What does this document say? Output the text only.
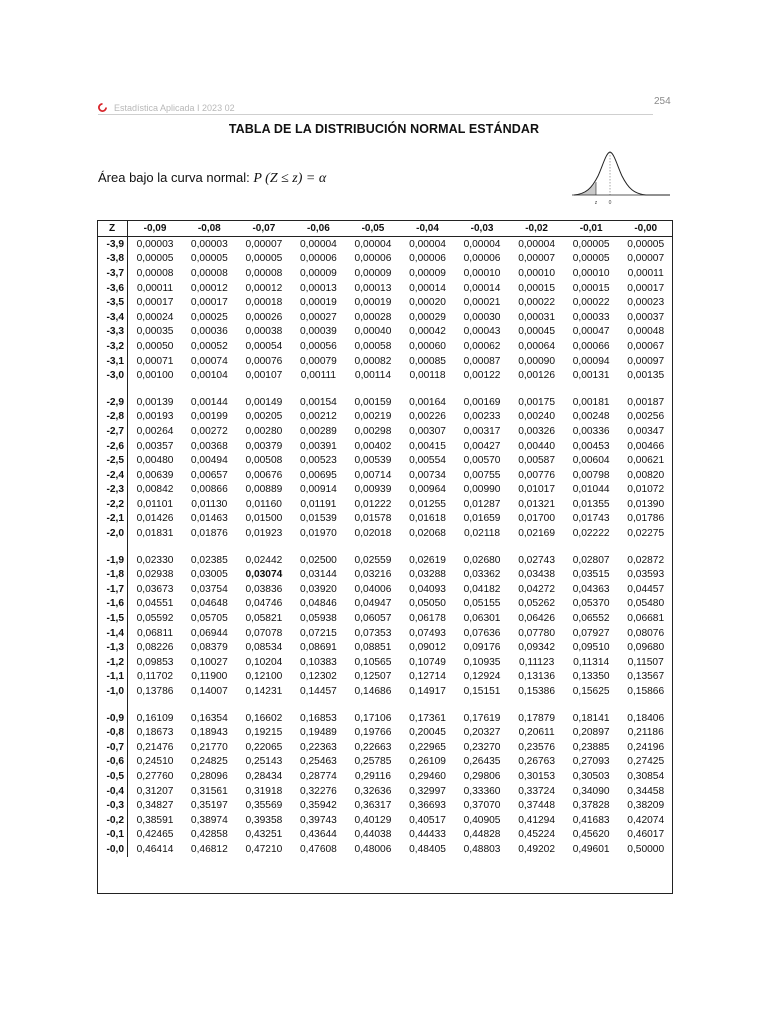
Estadística Aplicada I 2023 02
254
TABLA DE LA DISTRIBUCIÓN NORMAL ESTÁNDAR
Área bajo la curva normal: P (Z ≤ z) = α
z 0
Z	-0,09	-0,08	-0,07	-0,06	-0,05	-0,04	-0,03	-0,02	-0,01	-0,00
-3,9	0,00003	0,00003	0,00007	0,00004	0,00004	0,00004	0,00004	0,00004	0,00005	0,00005
-3,8	0,00005	0,00005	0,00005	0,00006	0,00006	0,00006	0,00006	0,00007	0,00005	0,00007
-3,7	0,00008	0,00008	0,00008	0,00009	0,00009	0,00009	0,00010	0,00010	0,00010	0,00011
-3,6	0,00011	0,00012	0,00012	0,00013	0,00013	0,00014	0,00014	0,00015	0,00015	0,00017
-3,5	0,00017	0,00017	0,00018	0,00019	0,00019	0,00020	0,00021	0,00022	0,00022	0,00023
-3,4	0,00024	0,00025	0,00026	0,00027	0,00028	0,00029	0,00030	0,00031	0,00033	0,00037
-3,3	0,00035	0,00036	0,00038	0,00039	0,00040	0,00042	0,00043	0,00045	0,00047	0,00048
-3,2	0,00050	0,00052	0,00054	0,00056	0,00058	0,00060	0,00062	0,00064	0,00066	0,00067
-3,1	0,00071	0,00074	0,00076	0,00079	0,00082	0,00085	0,00087	0,00090	0,00094	0,00097
-3,0	0,00100	0,00104	0,00107	0,00111	0,00114	0,00118	0,00122	0,00126	0,00131	0,00135

-2,9	0,00139	0,00144	0,00149	0,00154	0,00159	0,00164	0,00169	0,00175	0,00181	0,00187
-2,8	0,00193	0,00199	0,00205	0,00212	0,00219	0,00226	0,00233	0,00240	0,00248	0,00256
-2,7	0,00264	0,00272	0,00280	0,00289	0,00298	0,00307	0,00317	0,00326	0,00336	0,00347
-2,6	0,00357	0,00368	0,00379	0,00391	0,00402	0,00415	0,00427	0,00440	0,00453	0,00466
-2,5	0,00480	0,00494	0,00508	0,00523	0,00539	0,00554	0,00570	0,00587	0,00604	0,00621
-2,4	0,00639	0,00657	0,00676	0,00695	0,00714	0,00734	0,00755	0,00776	0,00798	0,00820
-2,3	0,00842	0,00866	0,00889	0,00914	0,00939	0,00964	0,00990	0,01017	0,01044	0,01072
-2,2	0,01101	0,01130	0,01160	0,01191	0,01222	0,01255	0,01287	0,01321	0,01355	0,01390
-2,1	0,01426	0,01463	0,01500	0,01539	0,01578	0,01618	0,01659	0,01700	0,01743	0,01786
-2,0	0,01831	0,01876	0,01923	0,01970	0,02018	0,02068	0,02118	0,02169	0,02222	0,02275

-1,9	0,02330	0,02385	0,02442	0,02500	0,02559	0,02619	0,02680	0,02743	0,02807	0,02872
-1,8	0,02938	0,03005	0,03074	0,03144	0,03216	0,03288	0,03362	0,03438	0,03515	0,03593
-1,7	0,03673	0,03754	0,03836	0,03920	0,04006	0,04093	0,04182	0,04272	0,04363	0,04457
-1,6	0,04551	0,04648	0,04746	0,04846	0,04947	0,05050	0,05155	0,05262	0,05370	0,05480
-1,5	0,05592	0,05705	0,05821	0,05938	0,06057	0,06178	0,06301	0,06426	0,06552	0,06681
-1,4	0,06811	0,06944	0,07078	0,07215	0,07353	0,07493	0,07636	0,07780	0,07927	0,08076
-1,3	0,08226	0,08379	0,08534	0,08691	0,08851	0,09012	0,09176	0,09342	0,09510	0,09680
-1,2	0,09853	0,10027	0,10204	0,10383	0,10565	0,10749	0,10935	0,11123	0,11314	0,11507
-1,1	0,11702	0,11900	0,12100	0,12302	0,12507	0,12714	0,12924	0,13136	0,13350	0,13567
-1,0	0,13786	0,14007	0,14231	0,14457	0,14686	0,14917	0,15151	0,15386	0,15625	0,15866

-0,9	0,16109	0,16354	0,16602	0,16853	0,17106	0,17361	0,17619	0,17879	0,18141	0,18406
-0,8	0,18673	0,18943	0,19215	0,19489	0,19766	0,20045	0,20327	0,20611	0,20897	0,21186
-0,7	0,21476	0,21770	0,22065	0,22363	0,22663	0,22965	0,23270	0,23576	0,23885	0,24196
-0,6	0,24510	0,24825	0,25143	0,25463	0,25785	0,26109	0,26435	0,26763	0,27093	0,27425
-0,5	0,27760	0,28096	0,28434	0,28774	0,29116	0,29460	0,29806	0,30153	0,30503	0,30854
-0,4	0,31207	0,31561	0,31918	0,32276	0,32636	0,32997	0,33360	0,33724	0,34090	0,34458
-0,3	0,34827	0,35197	0,35569	0,35942	0,36317	0,36693	0,37070	0,37448	0,37828	0,38209
-0,2	0,38591	0,38974	0,39358	0,39743	0,40129	0,40517	0,40905	0,41294	0,41683	0,42074
-0,1	0,42465	0,42858	0,43251	0,43644	0,44038	0,44433	0,44828	0,45224	0,45620	0,46017
-0,0	0,46414	0,46812	0,47210	0,47608	0,48006	0,48405	0,48803	0,49202	0,49601	0,50000
